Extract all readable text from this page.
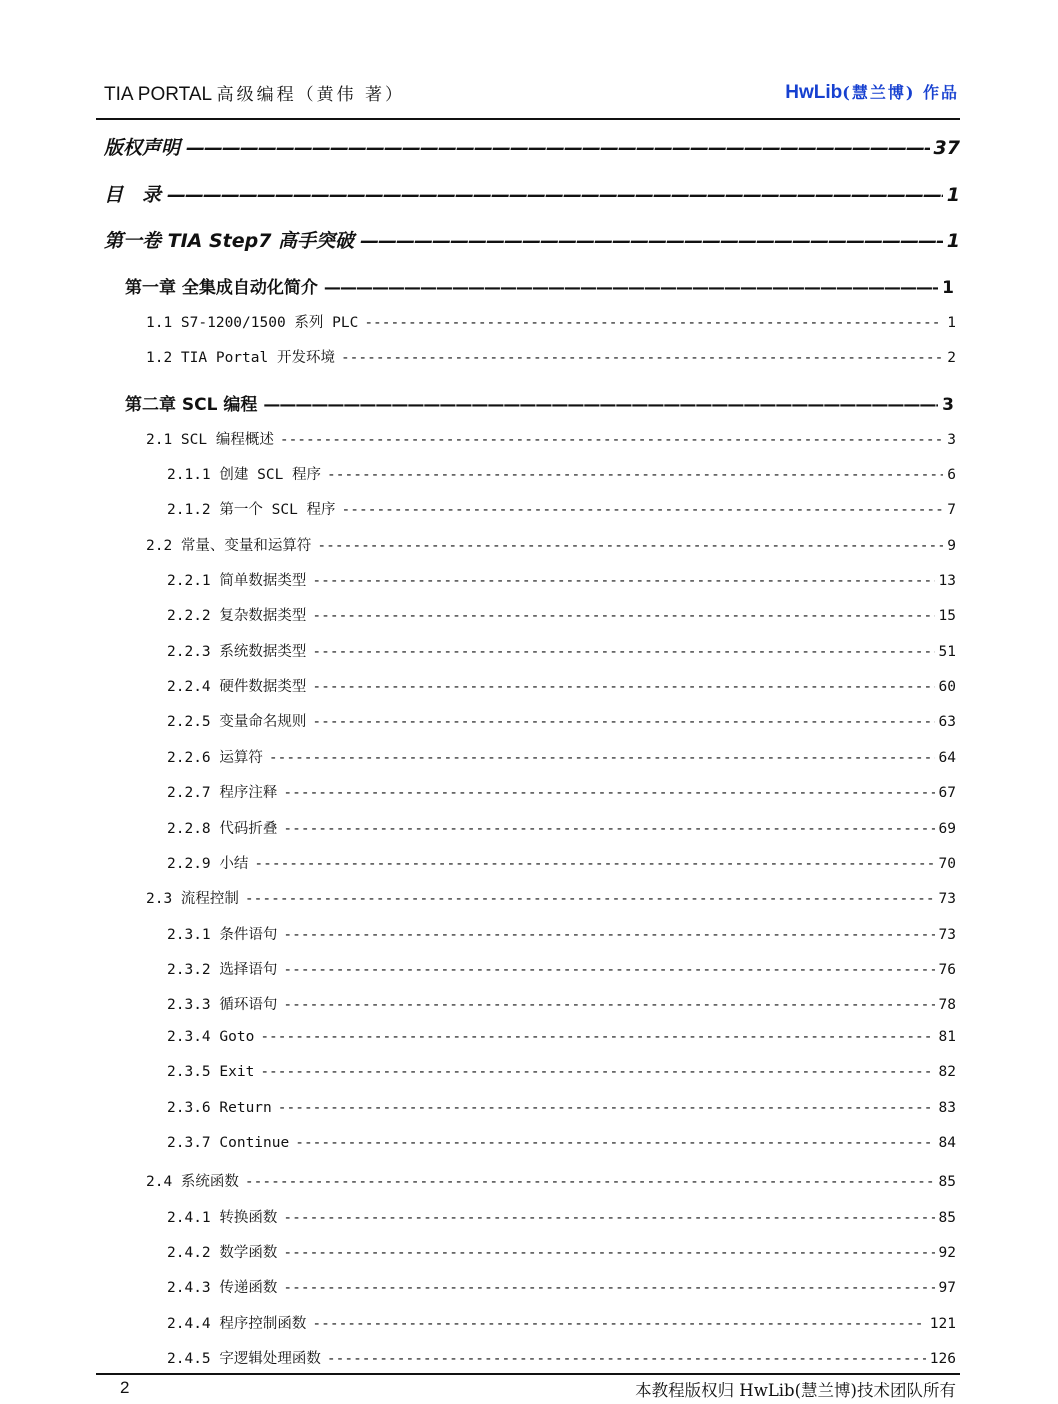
TIA PORTAL 高级编程（黄伟 著）	HwLib(慧兰博) 作品
版权声明 —————	37
目　录 —————	1
第一卷 TIA Step7 高手突破 —————	1
第一章 全集成自动化简介 —————	1
1.1 S7-1200/1500 系列 PLC -----	1
1.2 TIA Portal 开发环境 -----	2
第二章 SCL 编程 —————	3
2.1 SCL 编程概述 -----	3
2.1.1 创建 SCL 程序 -----	6
2.1.2 第一个 SCL 程序 -----	7
2.2 常量、变量和运算符 -----	9
2.2.1 简单数据类型 -----	13
2.2.2 复杂数据类型 -----	15
2.2.3 系统数据类型 -----	51
2.2.4 硬件数据类型 -----	60
2.2.5 变量命名规则 -----	63
2.2.6 运算符 -----	64
2.2.7 程序注释 -----	67
2.2.8 代码折叠 -----	69
2.2.9 小结 -----	70
2.3 流程控制 -----	73
2.3.1 条件语句 -----	73
2.3.2 选择语句 -----	76
2.3.3 循环语句 -----	78
2.3.4 Goto -----	81
2.3.5 Exit -----	82
2.3.6 Return -----	83
2.3.7 Continue -----	84
2.4 系统函数 -----	85
2.4.1 转换函数 -----	85
2.4.2 数学函数 -----	92
2.4.3 传递函数 -----	97
2.4.4 程序控制函数 -----	121
2.4.5 字逻辑处理函数 -----	126
2	本教程版权归 HwLib(慧兰博)技术团队所有
